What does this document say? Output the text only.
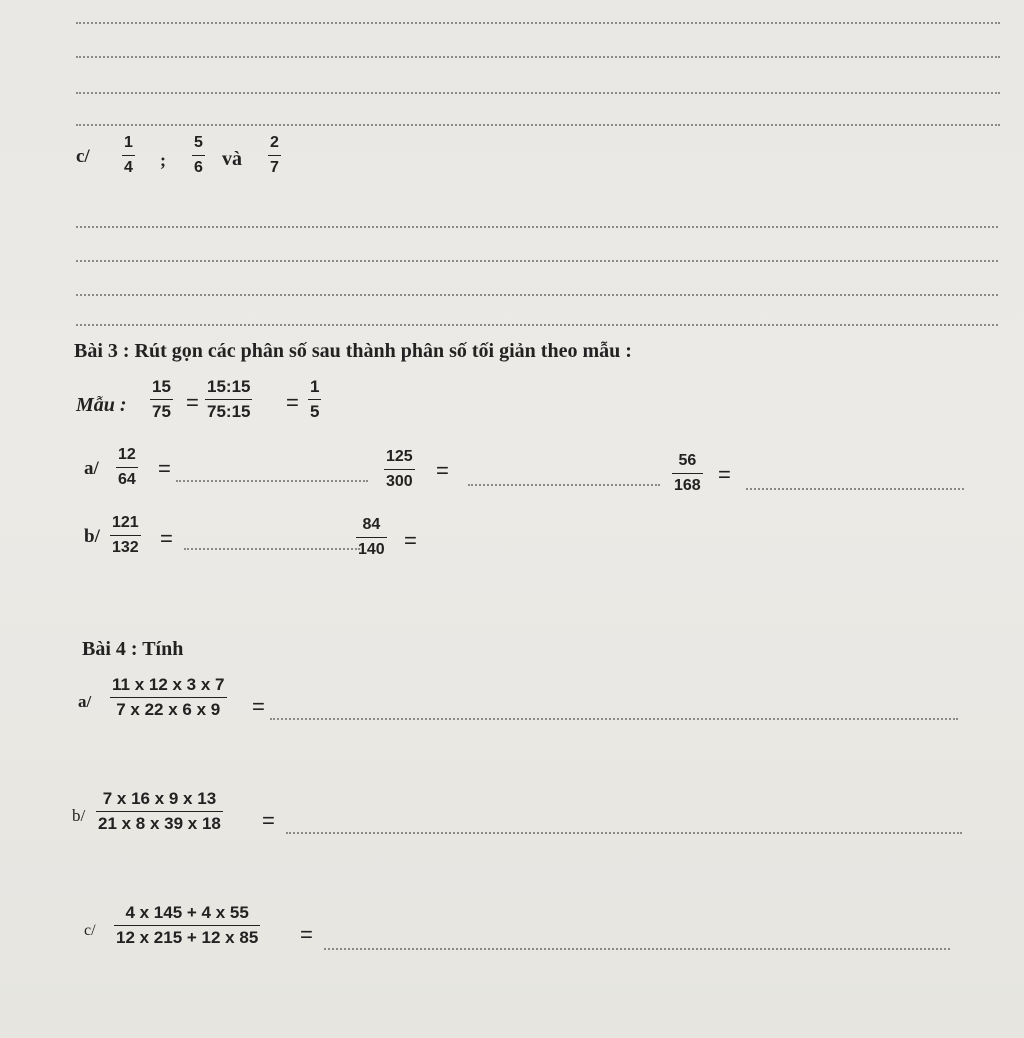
c/
1
4 ;
5
6 và
2
7
Bài 3 : Rút gọn các phân số sau thành phân số tối giản theo mẫu :
Mẫu :
15
75 =
15:15
75:15 =
1
5
a/
12
64 =	125
300 =	56
168 =
b/
121
132 =
84
140 =
Bài 4 : Tính
a/
11 x 12 x 3 x 7
7 x 22 x 6 x 9 =
b/
7 x 16 x 9 x 13
21 x 8 x 39 x 18 =
c/
4 x 145 + 4 x 55
12 x 215 + 12 x 85 =
